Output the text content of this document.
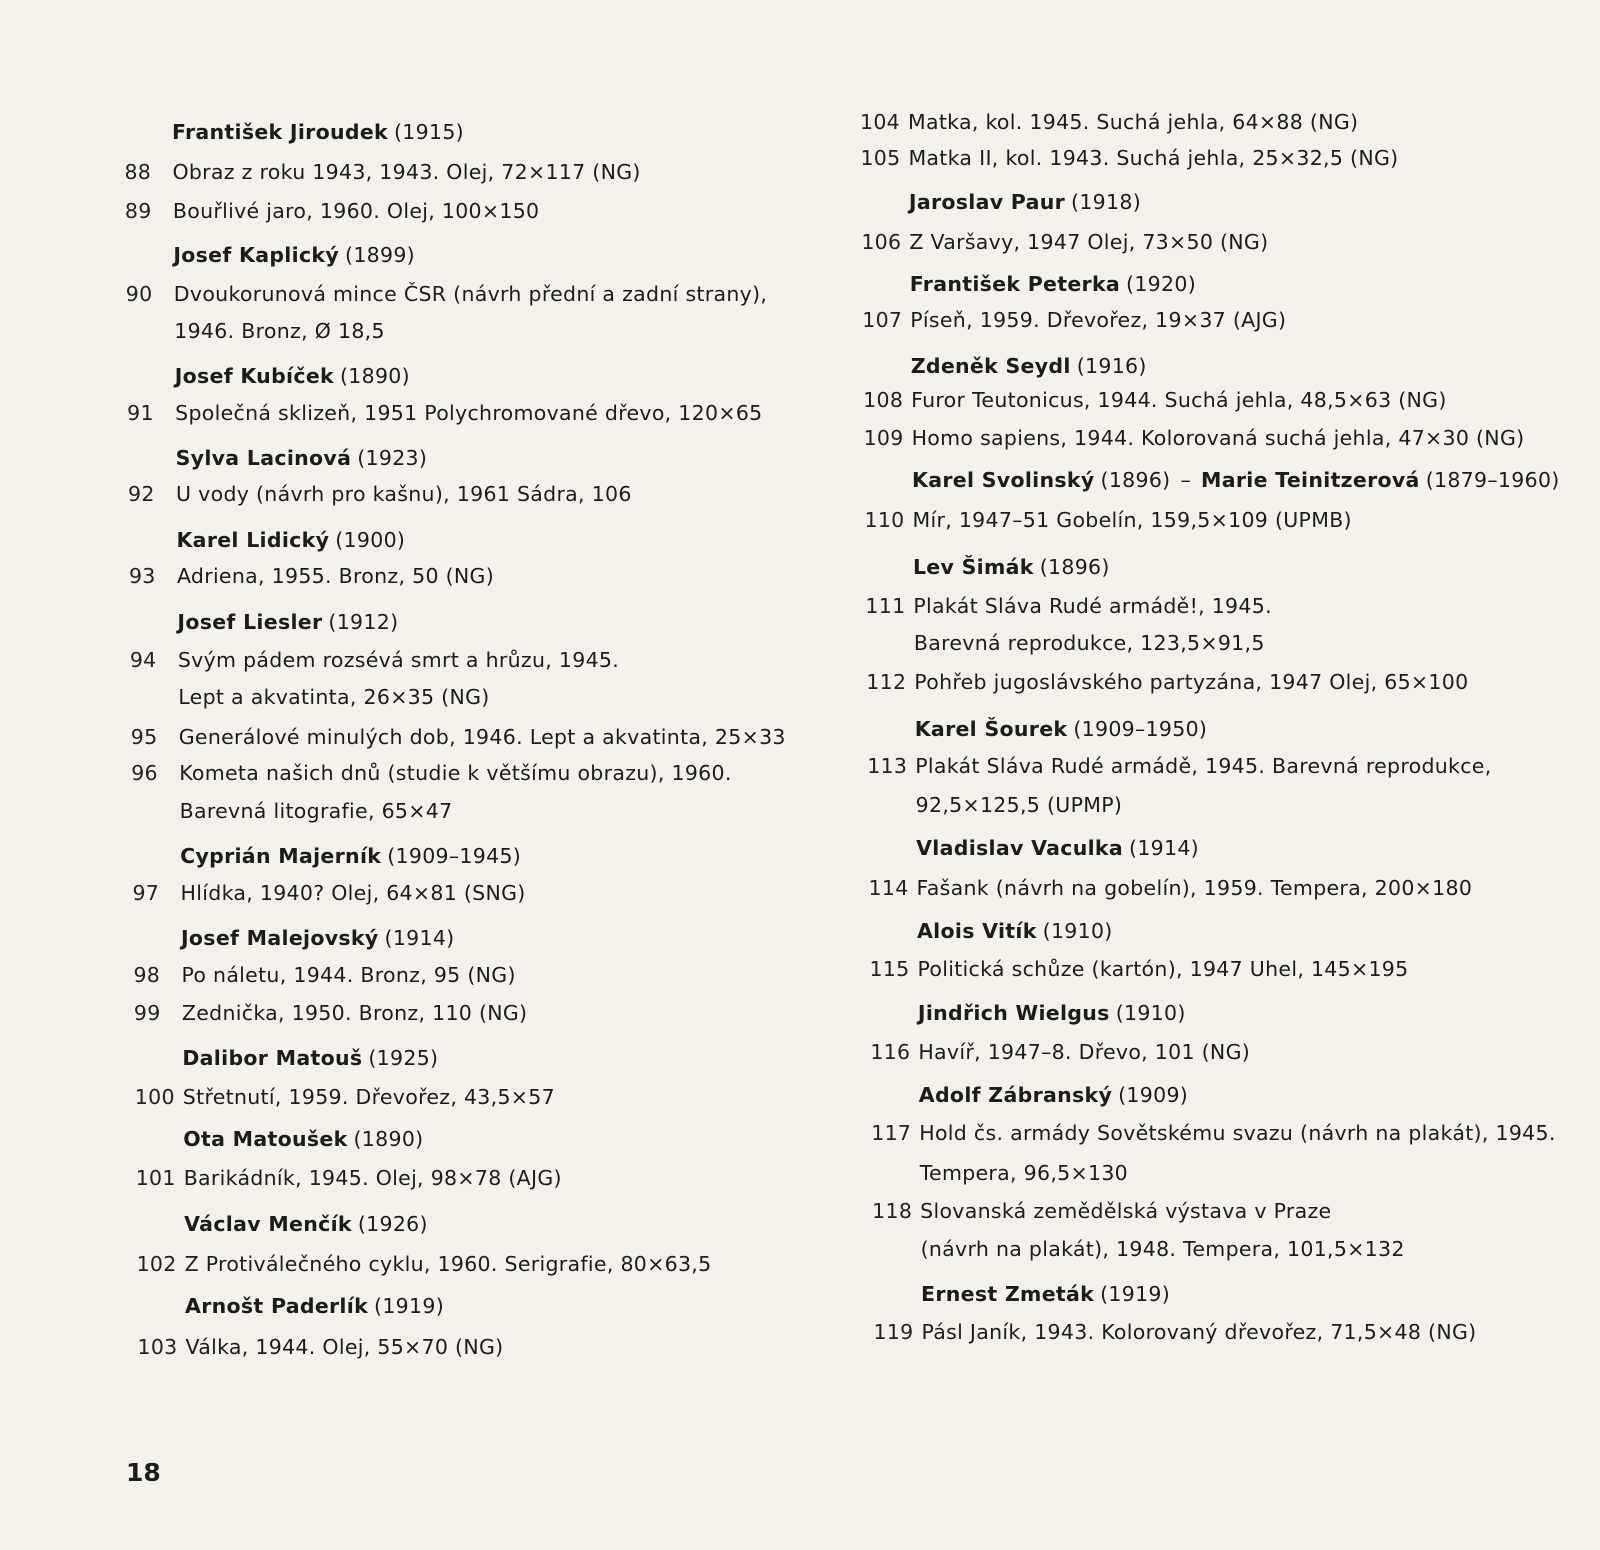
František Jiroudek (1915)
88	Obraz z roku 1943, 1943. Olej, 72×117 (NG)
89	Bouřlivé jaro, 1960. Olej, 100×150
Josef Kaplický (1899)
90	Dvoukorunová mince ČSR (návrh přední a zadní strany),
1946. Bronz, Ø 18,5
Josef Kubíček (1890)
91	Společná sklizeň, 1951 Polychromované dřevo, 120×65
Sylva Lacinová (1923)
92	U vody (návrh pro kašnu), 1961 Sádra, 106
Karel Lidický (1900)
93	Adriena, 1955. Bronz, 50 (NG)
Josef Liesler (1912)
94	Svým pádem rozsévá smrt a hrůzu, 1945.
Lept a akvatinta, 26×35 (NG)
95	Generálové minulých dob, 1946. Lept a akvatinta, 25×33
96	Kometa našich dnů (studie k většímu obrazu), 1960.
Barevná litografie, 65×47
Cyprián Majerník (1909–1945)
97	Hlídka, 1940? Olej, 64×81 (SNG)
Josef Malejovský (1914)
98	Po náletu, 1944. Bronz, 95 (NG)
99	Zednička, 1950. Bronz, 110 (NG)
Dalibor Matouš (1925)
100 Střetnutí, 1959. Dřevořez, 43,5×57
Ota Matoušek (1890)
101 Barikádník, 1945. Olej, 98×78 (AJG)
Václav Menčík (1926)
102 Z Protiválečného cyklu, 1960. Serigrafie, 80×63,5
Arnošt Paderlík (1919)
103 Válka, 1944. Olej, 55×70 (NG)
104 Matka, kol. 1945. Suchá jehla, 64×88 (NG)
105 Matka II, kol. 1943. Suchá jehla, 25×32,5 (NG)
Jaroslav Paur (1918)
106 Z Varšavy, 1947 Olej, 73×50 (NG)
František Peterka (1920)
107 Píseň, 1959. Dřevořez, 19×37 (AJG)
Zdeněk Seydl (1916)
108 Furor Teutonicus, 1944. Suchá jehla, 48,5×63 (NG)
109 Homo sapiens, 1944. Kolorovaná suchá jehla, 47×30 (NG)
Karel Svolinský (1896) – Marie Teinitzerová (1879–1960)
110 Mír, 1947–51 Gobelín, 159,5×109 (UPMB)
Lev Šimák (1896)
111 Plakát Sláva Rudé armádě!, 1945.
Barevná reprodukce, 123,5×91,5
112 Pohřeb jugoslávského partyzána, 1947 Olej, 65×100
Karel Šourek (1909–1950)
113 Plakát Sláva Rudé armádě, 1945. Barevná reprodukce,
92,5×125,5 (UPMP)
Vladislav Vaculka (1914)
114 Fašank (návrh na gobelín), 1959. Tempera, 200×180
Alois Vitík (1910)
115 Politická schůze (kartón), 1947 Uhel, 145×195
Jindřich Wielgus (1910)
116 Havíř, 1947–8. Dřevo, 101 (NG)
Adolf Zábranský (1909)
117 Hold čs. armády Sovětskému svazu (návrh na plakát), 1945.
Tempera, 96,5×130
118 Slovanská zemědělská výstava v Praze
(návrh na plakát), 1948. Tempera, 101,5×132
Ernest Zmeták (1919)
119 Pásl Janík, 1943. Kolorovaný dřevořez, 71,5×48 (NG)
18
